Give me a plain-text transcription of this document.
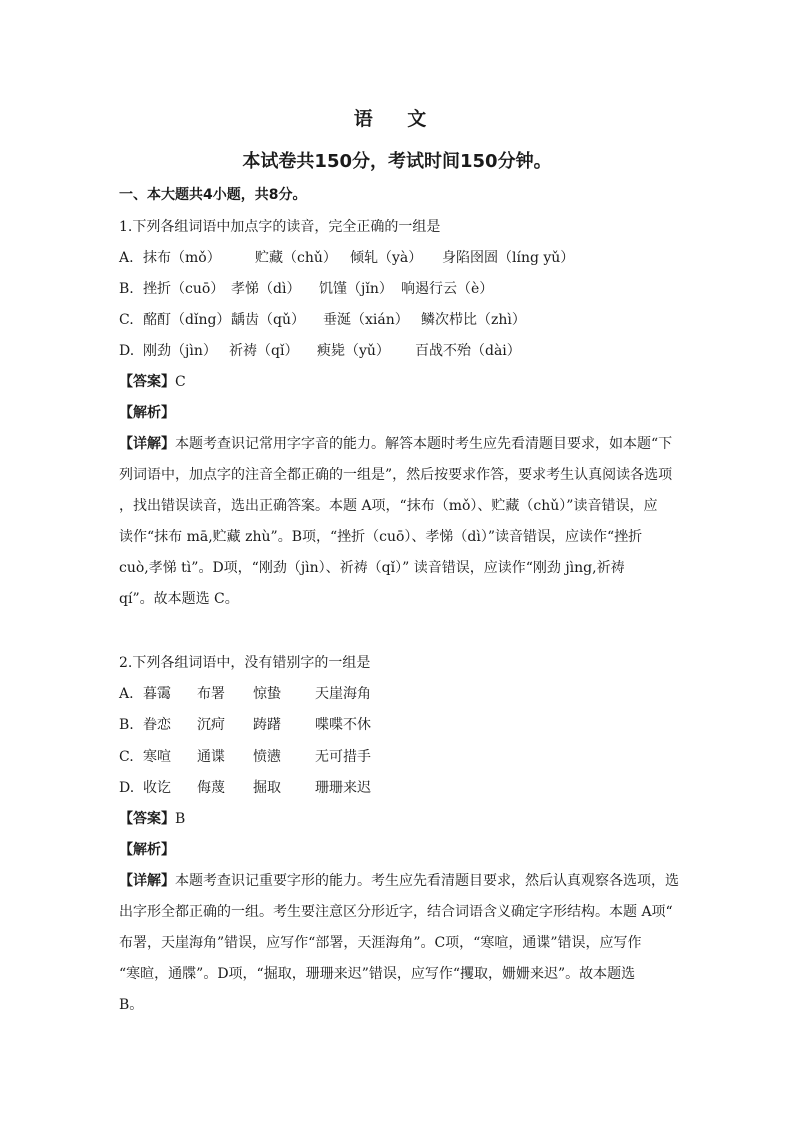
语 文
本试卷共150分，考试时间150分钟。
一、本大题共4小题，共8分。
1.下列各组词语中加点字的读音，完全正确的一组是
A. 抹布（mǒ） 贮藏（chǔ） 倾轧（yà） 身陷囹圄（líng yǔ）
B. 挫折（cuō） 孝悌（dì） 饥馑（jǐn） 响遏行云（è）
C. 酩酊（dǐng）龋齿（qǔ） 垂涎（xián） 鳞次栉比（zhì）
D. 刚劲（jìn） 祈祷（qǐ） 瘐毙（yǔ） 百战不殆（dài）
【答案】C
【解析】

【详解】本题考查识记常用字字音的能力。解答本题时考生应先看清题目要求，如本题“下

列词语中，加点字的注音全都正确的一组是”，然后按要求作答，要求考生认真阅读各选项

，找出错误读音，选出正确答案。本题 A项，“抹布（mǒ）、贮藏（chǔ）”读音错误，应

读作“抹布 mā,贮藏 zhù”。B项，“挫折（cuō）、孝悌（dì）”读音错误，应读作“挫折

cuò,孝悌 tì”。D项，“刚劲（jìn）、祈祷（qǐ）” 读音错误，应读作“刚劲 jìng,祈祷

qí”。故本题选 C。

2.下列各组词语中，没有错别字的一组是
A. 暮霭 布署 惊蛰 天崖海角
B. 眷恋 沉疴 踌躇 喋喋不休
C. 寒喧 通谍 愤懑 无可措手
D. 收讫 侮蔑 掘取 珊珊来迟
【答案】B
【解析】

【详解】本题考查识记重要字形的能力。考生应先看清题目要求，然后认真观察各选项，选

出字形全都正确的一组。考生要注意区分形近字，结合词语含义确定字形结构。本题 A项“

布署，天崖海角”错误，应写作“部署，天涯海角”。C项，“寒喧，通谍”错误，应写作

“寒暄，通牒”。D项，“掘取，珊珊来迟”错误，应写作“攫取，姗姗来迟”。故本题选

B。
